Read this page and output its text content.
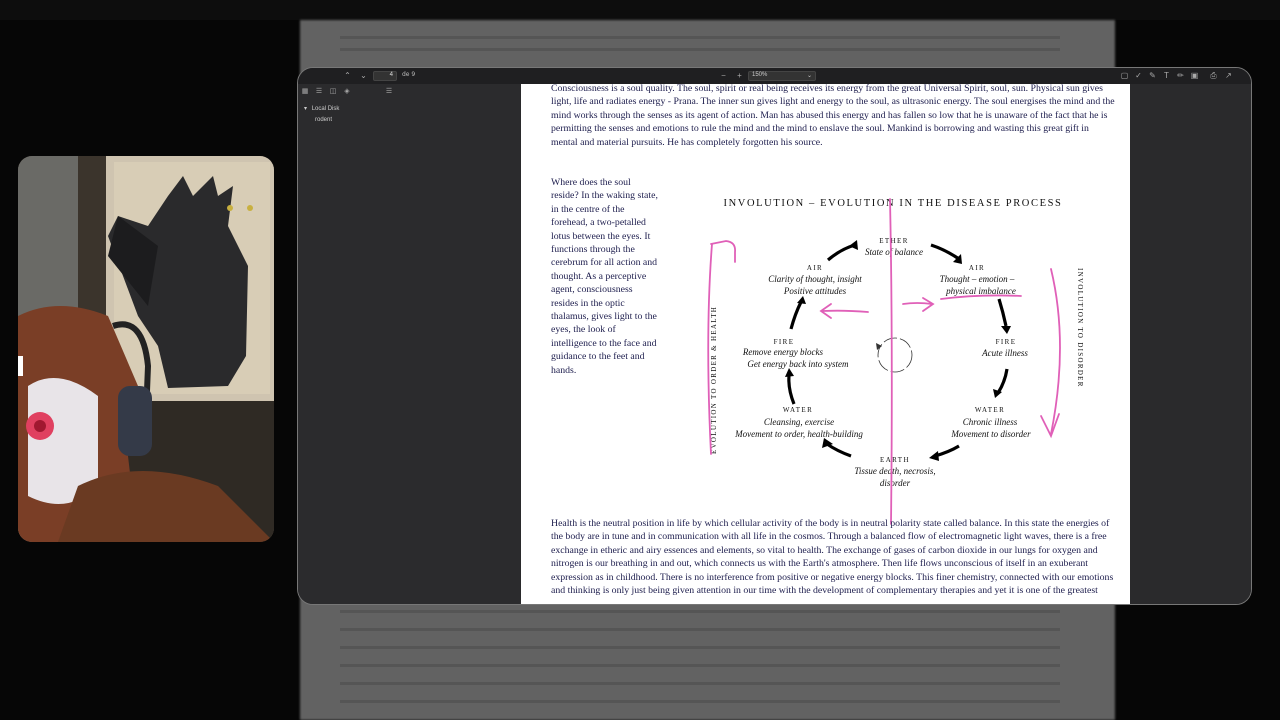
⌃ ⌄	4	de 9	−	+	150%	⌄	▢ ✓ ✎	T	✏ ▣ ⎙ ↗
▦ ☰ ◫	◈	☰
▾ Local Disk
rodent
Consciousness is a soul quality. The soul, spirit or real being receives its energy from the great Universal Spirit, soul, sun. Physical sun gives light, life and radiates energy - Prana. The inner sun gives light and energy to the soul, as ultrasonic energy. The soul energises the mind and the mind works through the senses as its agent of action. Man has abused this energy and has fallen so low that he is unaware of the fact that he is permitting the senses and emotions to rule the mind and the mind to enslave the soul. Mankind is borrowing and wasting this great gift in mental and material pursuits. He has completely forgotten his source.
Where does the soul reside? In the waking state, in the centre of the forehead, a two-petalled lotus between the eyes. It functions through the cerebrum for all action and thought. As a perceptive agent, consciousness resides in the optic thalamus, gives light to the eyes, the look of intelligence to the face and guidance to the feet and hands.
INVOLUTION – EVOLUTION IN THE DISEASE PROCESS
ETHER
State of balance
AIR
Clarity of thought, insight
Positive attitudes
AIR
Thought – emotion –
physical imbalance
FIRE
Remove energy blocks
Get energy back into system
FIRE
Acute illness
WATER
Cleansing, exercise
Movement to order, health-building
WATER
Chronic illness
Movement to disorder
EARTH
Tissue death, necrosis,
disorder
EVOLUTION TO ORDER & HEALTH	INVOLUTION TO DISORDER
Health is the neutral position in life by which cellular activity of the body is in neutral polarity state called balance. In this state the energies of the body are in tune and in communication with all life in the cosmos. Through a balanced flow of electromagnetic light waves, there is a free exchange in etheric and airy essences and elements, so vital to health. The exchange of gases of carbon dioxide in our lungs for oxygen and nitrogen is our breathing in and out, which connects us with the Earth's atmosphere. Then life flows unconscious of itself in an exuberant expression as in childhood. There is no interference from positive or negative energy blocks. This finer chemistry, connected with our emotions and thinking is only just being given attention in our time with the development of complementary therapies and yet it is one of the greatest
